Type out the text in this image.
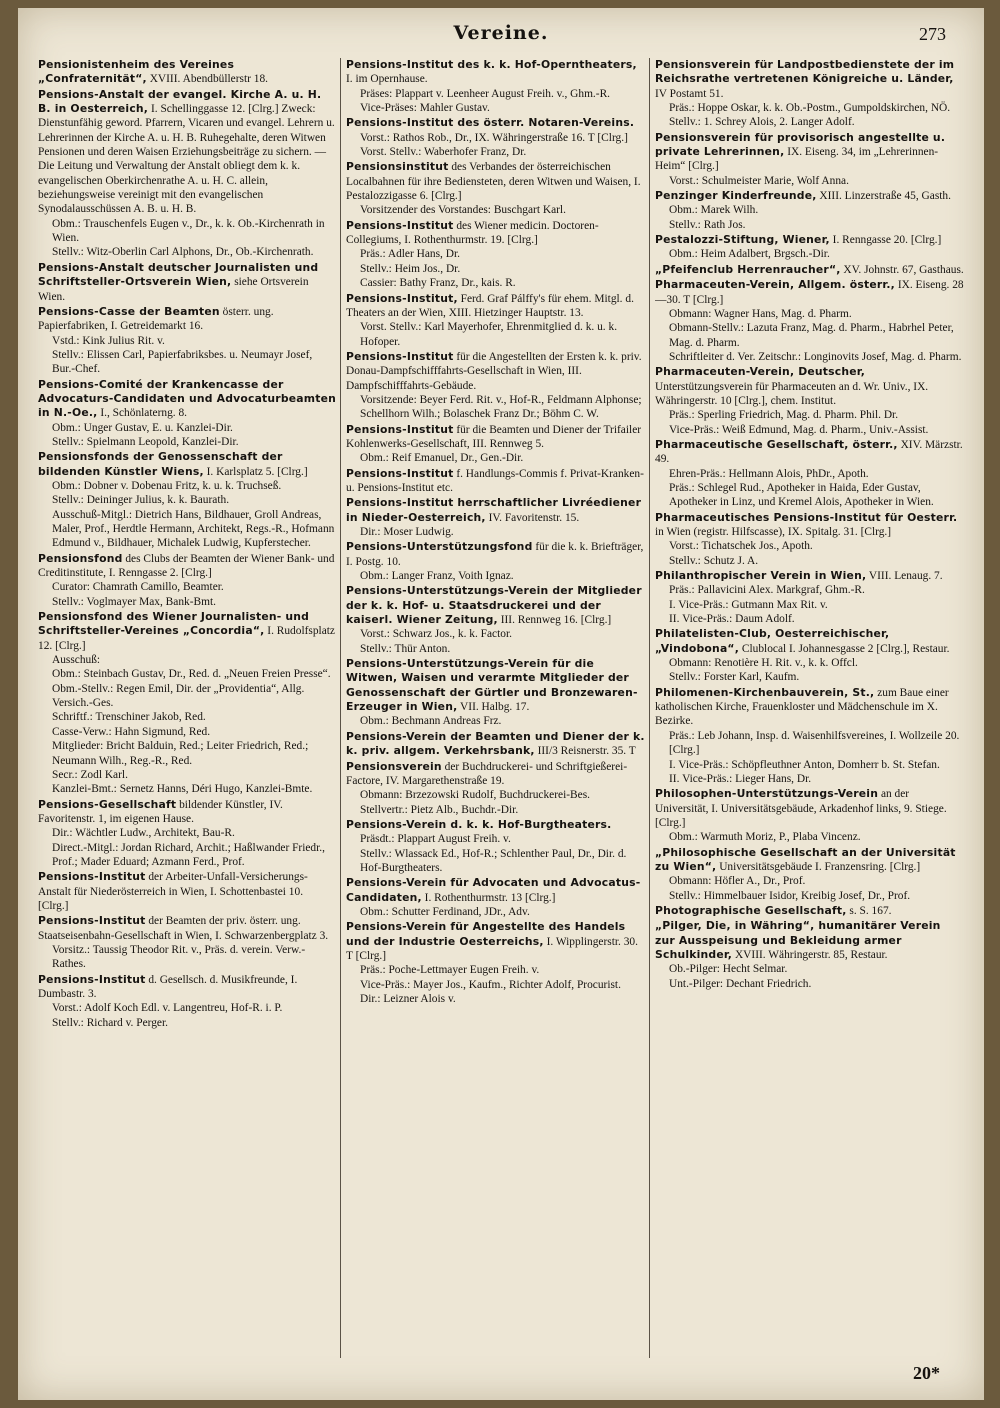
Vereine.	273
Pensionistenheim des Vereines „Confraternität“, XVIII. Abendbüllerstr 18.
Pensions-Anstalt der evangel. Kirche A. u. H. B. in Oesterreich, I. Schellinggasse 12. [Clrg.] Zweck: Dienstunfähig geword. Pfarrern, Vicaren und evangel. Lehrern u. Lehrerinnen der Kirche A. u. H. B. Ruhegehalte, deren Witwen Pensionen und deren Waisen Erziehungsbeiträge zu sichern. — Die Leitung und Verwaltung der Anstalt obliegt dem k. k. evangelischen Oberkirchenrathe A. u. H. C. allein, beziehungsweise vereinigt mit den evangelischen Synodalausschüssen A. B. u. H. B.
Obm.: Trauschenfels Eugen v., Dr., k. k. Ob.-Kirchenrath in Wien.
Stellv.: Witz-Oberlin Carl Alphons, Dr., Ob.-Kirchenrath.
Pensions-Anstalt deutscher Journalisten und Schriftsteller-Ortsverein Wien, siehe Ortsverein Wien.
Pensions-Casse der Beamten österr. ung. Papierfabriken, I. Getreidemarkt 16.
Vstd.: Kink Julius Rit. v.
Stellv.: Elissen Carl, Papierfabriksbes. u. Neumayr Josef, Bur.-Chef.
Pensions-Comité der Krankencasse der Advocaturs-Candidaten und Advocaturbeamten in N.-Oe., I., Schönlaterng. 8.
Obm.: Unger Gustav, E. u. Kanzlei-Dir.
Stellv.: Spielmann Leopold, Kanzlei-Dir.
Pensionsfonds der Genossenschaft der bildenden Künstler Wiens, I. Karlsplatz 5. [Clrg.]
Obm.: Dobner v. Dobenau Fritz, k. u. k. Truchseß.
Stellv.: Deininger Julius, k. k. Baurath.
Ausschuß-Mitgl.: Dietrich Hans, Bildhauer, Groll Andreas, Maler, Prof., Herdtle Hermann, Architekt, Regs.-R., Hofmann Edmund v., Bildhauer, Michalek Ludwig, Kupferstecher.
Pensionsfond des Clubs der Beamten der Wiener Bank- und Creditinstitute, I. Renngasse 2. [Clrg.]
Curator: Chamrath Camillo, Beamter.
Stellv.: Voglmayer Max, Bank-Bmt.
Pensionsfond des Wiener Journalisten- und Schriftsteller-Vereines „Concordia“, I. Rudolfsplatz 12. [Clrg.]
Ausschuß:
Obm.: Steinbach Gustav, Dr., Red. d. „Neuen Freien Presse“.
Obm.-Stellv.: Regen Emil, Dir. der „Providentia“, Allg. Versich.-Ges.
Schriftf.: Trenschiner Jakob, Red.
Casse-Verw.: Hahn Sigmund, Red.
Mitglieder: Bricht Balduin, Red.; Leiter Friedrich, Red.; Neumann Wilh., Reg.-R., Red.
Secr.: Zodl Karl.
Kanzlei-Bmt.: Sernetz Hanns, Déri Hugo, Kanzlei-Bmte.
Pensions-Gesellschaft bildender Künstler, IV. Favoritenstr. 1, im eigenen Hause.
Dir.: Wächtler Ludw., Architekt, Bau-R.
Direct.-Mitgl.: Jordan Richard, Archit.; Haßlwander Friedr., Prof.; Mader Eduard; Azmann Ferd., Prof.
Pensions-Institut der Arbeiter-Unfall-Versicherungs-Anstalt für Niederösterreich in Wien, I. Schottenbastei 10. [Clrg.]
Pensions-Institut der Beamten der priv. österr. ung. Staatseisenbahn-Gesellschaft in Wien, I. Schwarzenbergplatz 3.
Vorsitz.: Taussig Theodor Rit. v., Präs. d. verein. Verw.-Rathes.
Pensions-Institut d. Gesellsch. d. Musikfreunde, I. Dumbastr. 3.
Vorst.: Adolf Koch Edl. v. Langentreu, Hof-R. i. P.
Stellv.: Richard v. Perger.
Pensions-Institut des k. k. Hof-Operntheaters, I. im Opernhause.
Präses: Plappart v. Leenheer August Freih. v., Ghm.-R.
Vice-Präses: Mahler Gustav.
Pensions-Institut des österr. Notaren-Vereins.
Vorst.: Rathos Rob., Dr., IX. Währingerstraße 16. T [Clrg.]
Vorst. Stellv.: Waberhofer Franz, Dr.
Pensionsinstitut des Verbandes der österreichischen Localbahnen für ihre Bediensteten, deren Witwen und Waisen, I. Pestalozzigasse 6. [Clrg.]
Vorsitzender des Vorstandes: Buschgart Karl.
Pensions-Institut des Wiener medicin. Doctoren-Collegiums, I. Rothenthurmstr. 19. [Clrg.]
Präs.: Adler Hans, Dr.
Stellv.: Heim Jos., Dr.
Cassier: Bathy Franz, Dr., kais. R.
Pensions-Institut, Ferd. Graf Pálffy's für ehem. Mitgl. d. Theaters an der Wien, XIII. Hietzinger Hauptstr. 13.
Vorst. Stellv.: Karl Mayerhofer, Ehrenmitglied d. k. u. k. Hofoper.
Pensions-Institut für die Angestellten der Ersten k. k. priv. Donau-Dampfschifffahrts-Gesellschaft in Wien, III. Dampfschifffahrts-Gebäude.
Vorsitzende: Beyer Ferd. Rit. v., Hof-R., Feldmann Alphonse; Schellhorn Wilh.; Bolaschek Franz Dr.; Böhm C. W.
Pensions-Institut für die Beamten und Diener der Trifailer Kohlenwerks-Gesellschaft, III. Rennweg 5.
Obm.: Reif Emanuel, Dr., Gen.-Dir.
Pensions-Institut f. Handlungs-Commis f. Privat-Kranken- u. Pensions-Institut etc.
Pensions-Institut herrschaftlicher Livréediener in Nieder-Oesterreich, IV. Favoritenstr. 15.
Dir.: Moser Ludwig.
Pensions-Unterstützungsfond für die k. k. Briefträger, I. Postg. 10.
Obm.: Langer Franz, Voith Ignaz.
Pensions-Unterstützungs-Verein der Mitglieder der k. k. Hof- u. Staatsdruckerei und der kaiserl. Wiener Zeitung, III. Rennweg 16. [Clrg.]
Vorst.: Schwarz Jos., k. k. Factor.
Stellv.: Thür Anton.
Pensions-Unterstützungs-Verein für die Witwen, Waisen und verarmte Mitglieder der Genossenschaft der Gürtler und Bronzewaren-Erzeuger in Wien, VII. Halbg. 17.
Obm.: Bechmann Andreas Frz.
Pensions-Verein der Beamten und Diener der k. k. priv. allgem. Verkehrsbank, III/3 Reisnerstr. 35. T
Pensionsverein der Buchdruckerei- und Schriftgießerei-Factore, IV. Margarethenstraße 19.
Obmann: Brzezowski Rudolf, Buchdruckerei-Bes.
Stellvertr.: Pietz Alb., Buchdr.-Dir.
Pensions-Verein d. k. k. Hof-Burgtheaters.
Präsdt.: Plappart August Freih. v.
Stellv.: Wlassack Ed., Hof-R.; Schlenther Paul, Dr., Dir. d. Hof-Burgtheaters.
Pensions-Verein für Advocaten und Advocatus-Candidaten, I. Rothenthurmstr. 13 [Clrg.]
Obm.: Schutter Ferdinand, JDr., Adv.
Pensions-Verein für Angestellte des Handels und der Industrie Oesterreichs, I. Wipplingerstr. 30. T [Clrg.]
Präs.: Poche-Lettmayer Eugen Freih. v.
Vice-Präs.: Mayer Jos., Kaufm., Richter Adolf, Procurist.
Dir.: Leizner Alois v.
Pensionsverein für Landpostbedienstete der im Reichsrathe vertretenen Königreiche u. Länder, IV Postamt 51.
Präs.: Hoppe Oskar, k. k. Ob.-Postm., Gumpoldskirchen, NÖ.
Stellv.: 1. Schrey Alois, 2. Langer Adolf.
Pensionsverein für provisorisch angestellte u. private Lehrerinnen, IX. Eiseng. 34, im „Lehrerinnen-Heim“ [Clrg.]
Vorst.: Schulmeister Marie, Wolf Anna.
Penzinger Kinderfreunde, XIII. Linzerstraße 45, Gasth.
Obm.: Marek Wilh.
Stellv.: Rath Jos.
Pestalozzi-Stiftung, Wiener, I. Renngasse 20. [Clrg.]
Obm.: Heim Adalbert, Brgsch.-Dir.
„Pfeifenclub Herrenraucher“, XV. Johnstr. 67, Gasthaus.
Pharmaceuten-Verein, Allgem. österr., IX. Eiseng. 28—30. T [Clrg.]
Obmann: Wagner Hans, Mag. d. Pharm.
Obmann-Stellv.: Lazuta Franz, Mag. d. Pharm., Habrhel Peter, Mag. d. Pharm.
Schriftleiter d. Ver. Zeitschr.: Longinovits Josef, Mag. d. Pharm.
Pharmaceuten-Verein, Deutscher, Unterstützungsverein für Pharmaceuten an d. Wr. Univ., IX. Währingerstr. 10 [Clrg.], chem. Institut.
Präs.: Sperling Friedrich, Mag. d. Pharm. Phil. Dr.
Vice-Präs.: Weiß Edmund, Mag. d. Pharm., Univ.-Assist.
Pharmaceutische Gesellschaft, österr., XIV. Märzstr. 49.
Ehren-Präs.: Hellmann Alois, PhDr., Apoth.
Präs.: Schlegel Rud., Apotheker in Haida, Eder Gustav, Apotheker in Linz, und Kremel Alois, Apotheker in Wien.
Pharmaceutisches Pensions-Institut für Oesterr. in Wien (registr. Hilfscasse), IX. Spitalg. 31. [Clrg.]
Vorst.: Tichatschek Jos., Apoth.
Stellv.: Schutz J. A.
Philanthropischer Verein in Wien, VIII. Lenaug. 7.
Präs.: Pallavicini Alex. Markgraf, Ghm.-R.
I. Vice-Präs.: Gutmann Max Rit. v.
II. Vice-Präs.: Daum Adolf.
Philatelisten-Club, Oesterreichischer, „Vindobona“, Clublocal I. Johannesgasse 2 [Clrg.], Restaur.
Obmann: Renotière H. Rit. v., k. k. Offcl.
Stellv.: Forster Karl, Kaufm.
Philomenen-Kirchenbauverein, St., zum Baue einer katholischen Kirche, Frauenkloster und Mädchenschule im X. Bezirke.
Präs.: Leb Johann, Insp. d. Waisenhilfsvereines, I. Wollzeile 20. [Clrg.]
I. Vice-Präs.: Schöpfleuthner Anton, Domherr b. St. Stefan.
II. Vice-Präs.: Lieger Hans, Dr.
Philosophen-Unterstützungs-Verein an der Universität, I. Universitätsgebäude, Arkadenhof links, 9. Stiege. [Clrg.]
Obm.: Warmuth Moriz, P., Plaba Vincenz.
„Philosophische Gesellschaft an der Universität zu Wien“, Universitätsgebäude I. Franzensring. [Clrg.]
Obmann: Höfler A., Dr., Prof.
Stellv.: Himmelbauer Isidor, Kreibig Josef, Dr., Prof.
Photographische Gesellschaft, s. S. 167.
„Pilger, Die, in Währing“, humanitärer Verein zur Ausspeisung und Bekleidung armer Schulkinder, XVIII. Währingerstr. 85, Restaur.
Ob.-Pilger: Hecht Selmar.
Unt.-Pilger: Dechant Friedrich.
20*
